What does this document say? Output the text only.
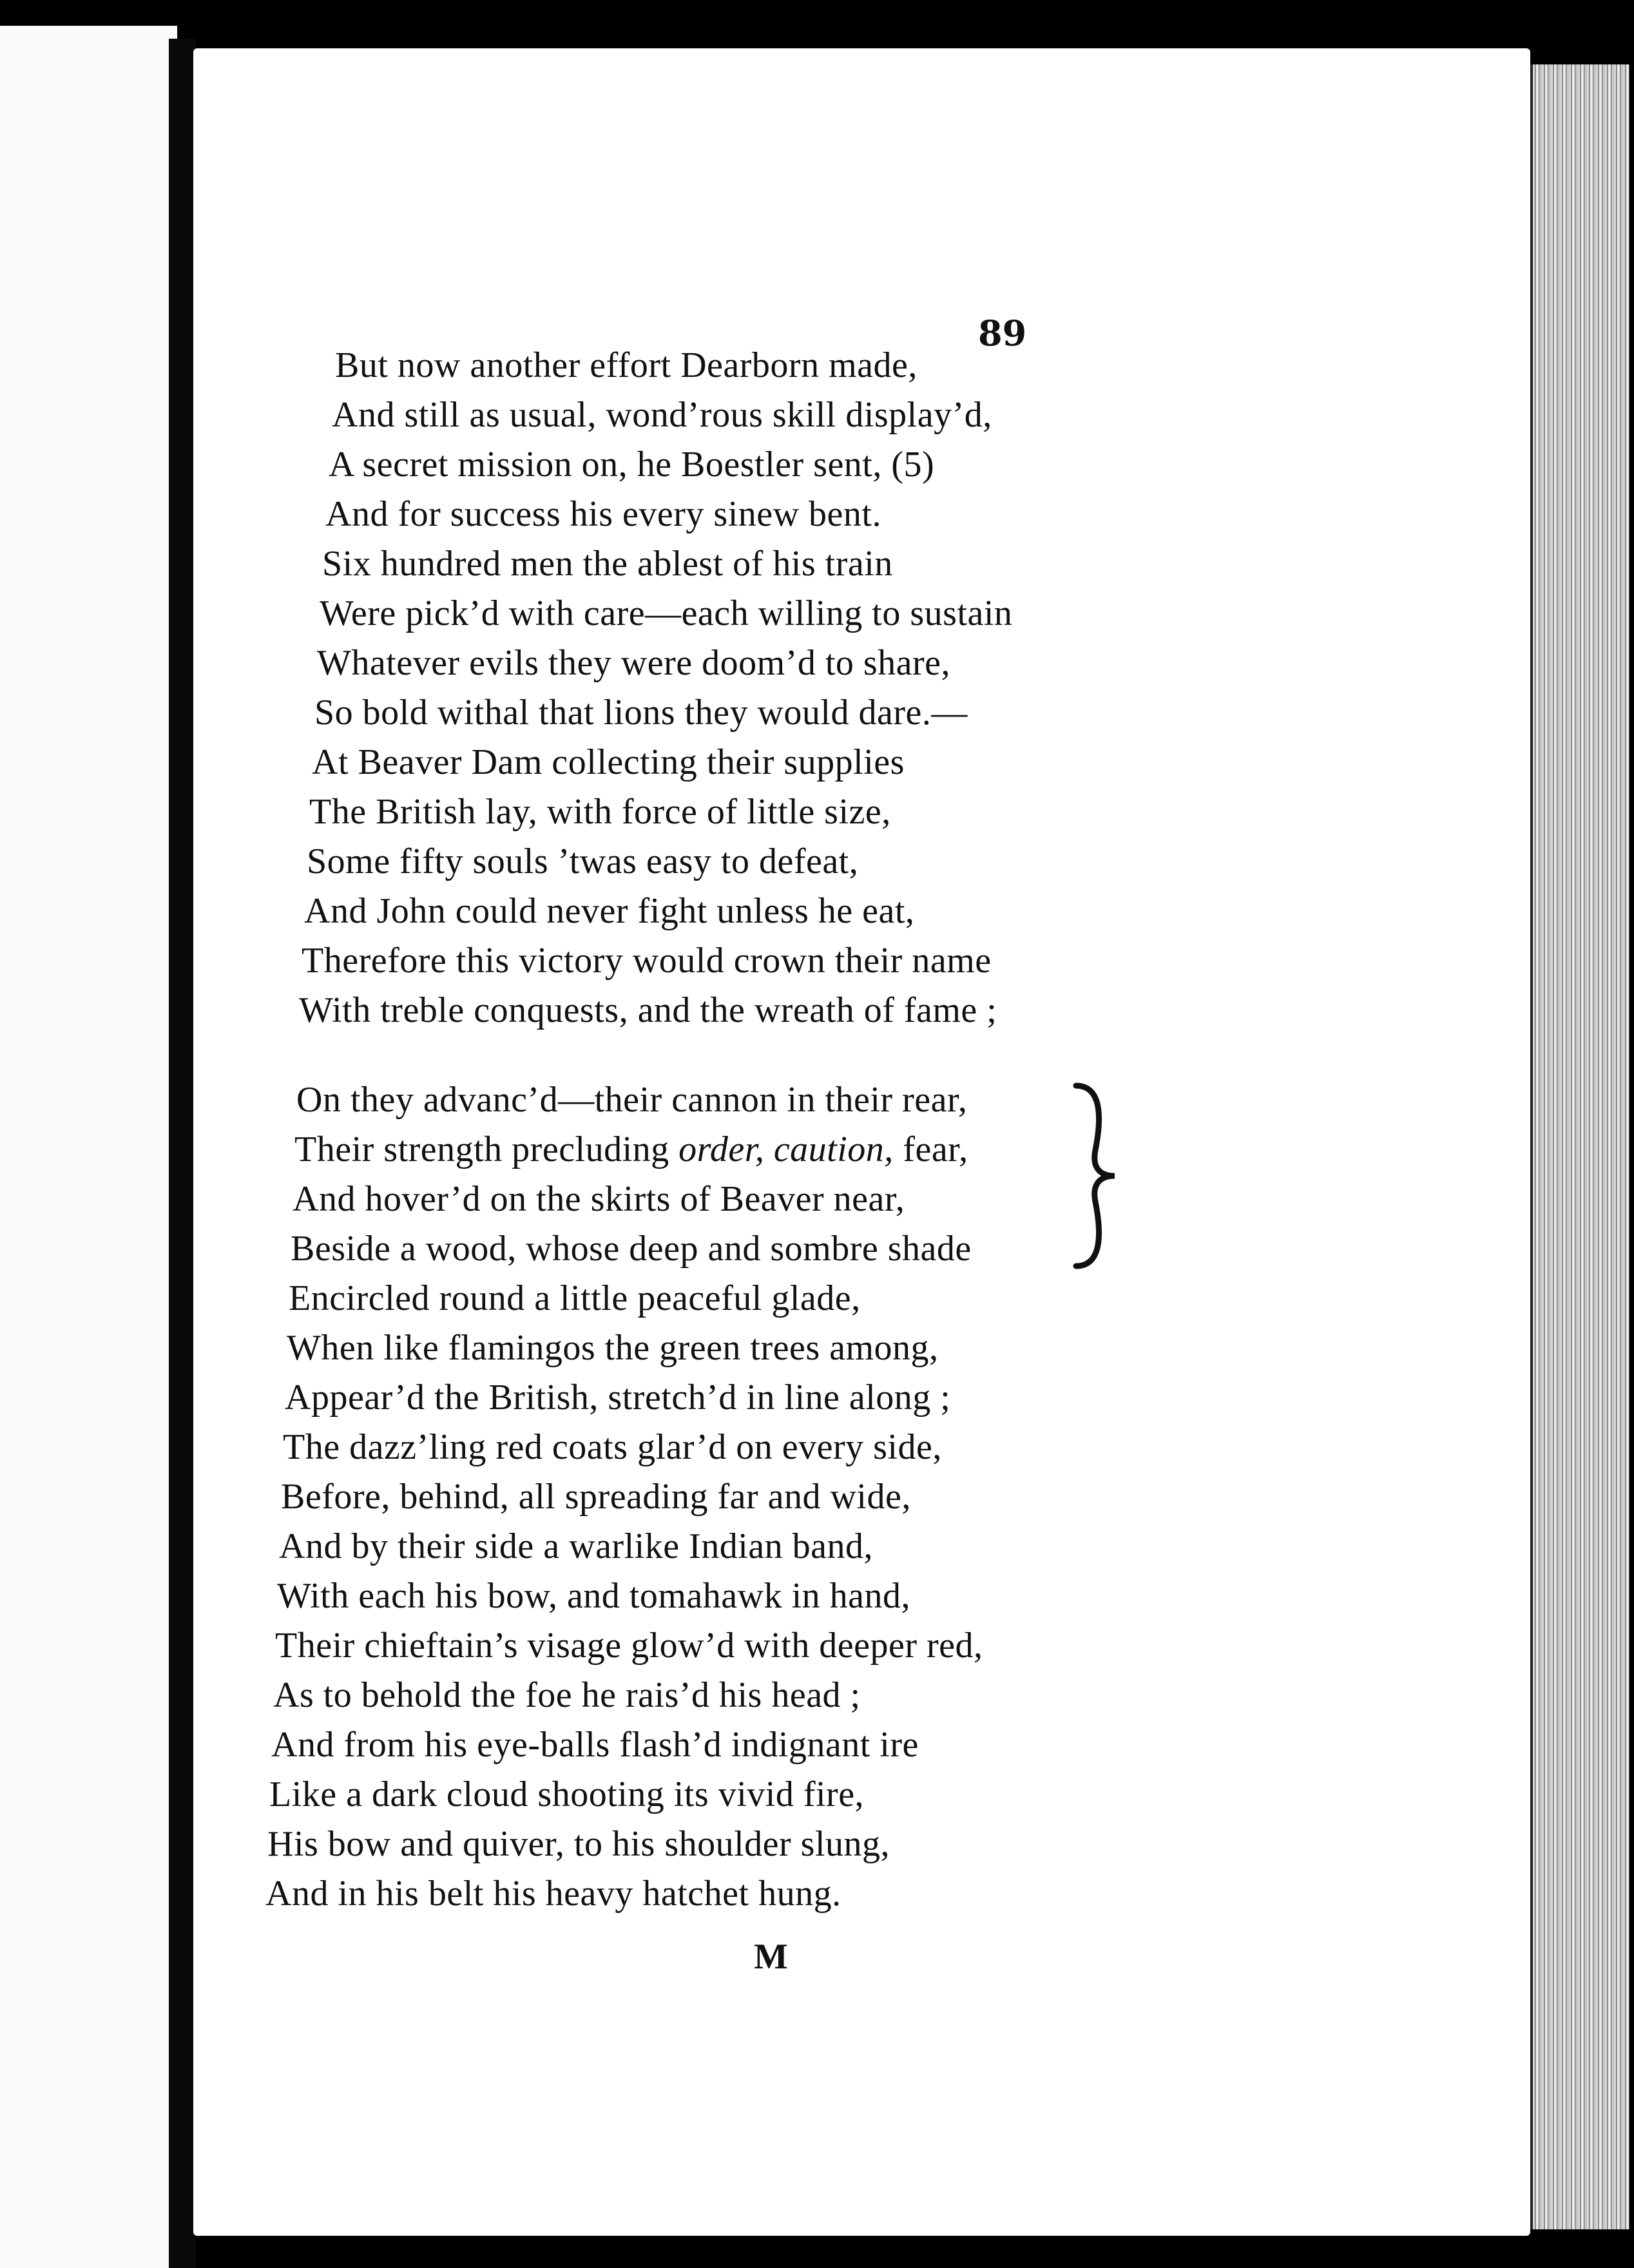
89
But now another effort Dearborn made,
And still as usual, wond’rous skill display’d,
A secret mission on, he Boestler sent, (5)
And for success his every sinew bent.
Six hundred men the ablest of his train
Were pick’d with care—each willing to sustain
Whatever evils they were doom’d to share,
So bold withal that lions they would dare.—
At Beaver Dam collecting their supplies
The British lay, with force of little size,
Some fifty souls ’twas easy to defeat,
And John could never fight unless he eat,
Therefore this victory would crown their name
With treble conquests, and the wreath of fame ;
On they advanc’d—their cannon in their rear,
Their strength precluding order, caution, fear,
And hover’d on the skirts of Beaver near,
Beside a wood, whose deep and sombre shade
Encircled round a little peaceful glade,
When like flamingos the green trees among,
Appear’d the British, stretch’d in line along ;
The dazz’ling red coats glar’d on every side,
Before, behind, all spreading far and wide,
And by their side a warlike Indian band,
With each his bow, and tomahawk in hand,
Their chieftain’s visage glow’d with deeper red,
As to behold the foe he rais’d his head ;
And from his eye-balls flash’d indignant ire
Like a dark cloud shooting its vivid fire,
His bow and quiver, to his shoulder slung,
And in his belt his heavy hatchet hung.
M
